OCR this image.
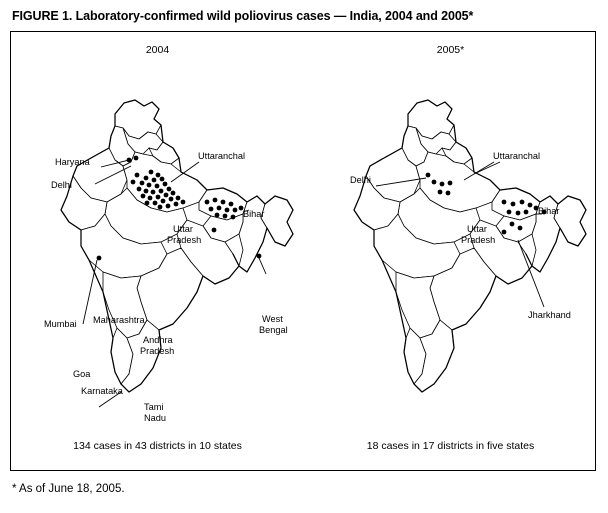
FIGURE 1. Laboratory-confirmed wild poliovirus cases — India, 2004 and 2005*
2004
Haryana
Delhi
Uttaranchal
Uttar
Pradesh
Bihar
West
Bengal
Mumbai Maharashtra
Andhra
Pradesh
Goa
Karnataka
Tami
Nadu
134 cases in 43 districts in 10 states
2005*
Delhi
Uttaranchal
Uttar
Pradesh
Bihar
Jharkhand
18 cases in 17 districts in five states
* As of June 18, 2005.
